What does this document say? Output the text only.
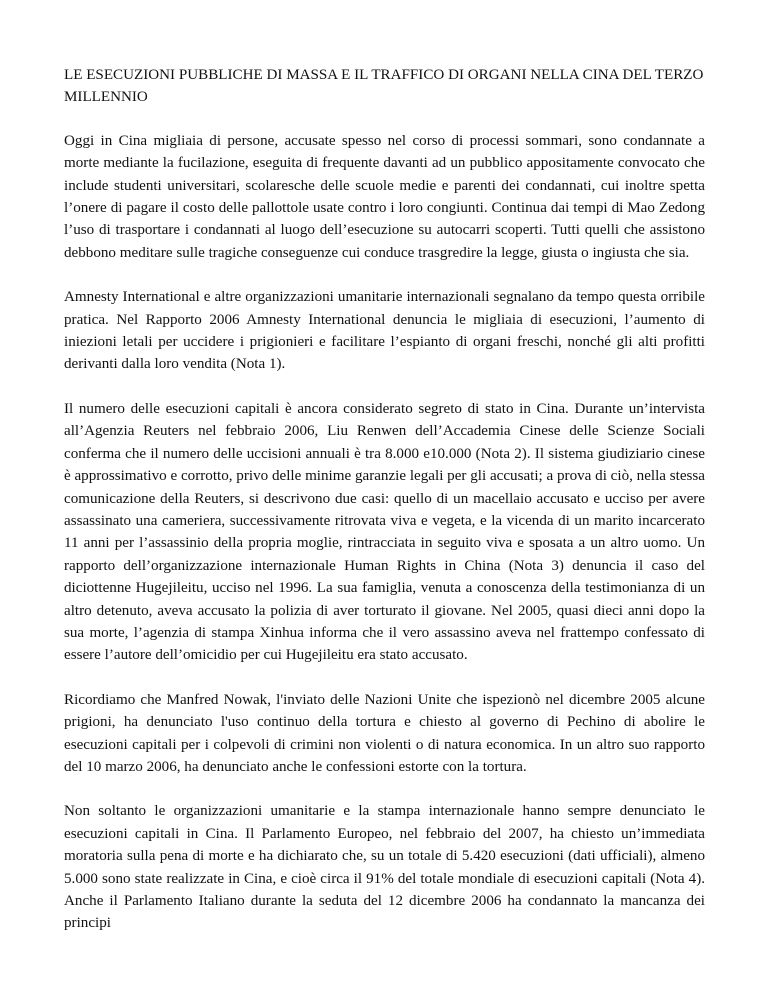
LE ESECUZIONI PUBBLICHE DI MASSA E IL TRAFFICO DI ORGANI NELLA CINA DEL TERZO MILLENNIO

Oggi in Cina migliaia di persone, accusate spesso nel corso di processi sommari, sono condannate a morte mediante la fucilazione, eseguita di frequente davanti ad un pubblico appositamente convocato che include studenti universitari, scolaresche delle scuole medie e parenti dei condannati, cui inoltre spetta l’onere di pagare il costo delle pallottole usate contro i loro congiunti. Continua dai tempi di Mao Zedong l’uso di trasportare i condannati al luogo dell’esecuzione su autocarri scoperti. Tutti quelli che assistono debbono meditare sulle tragiche conseguenze cui conduce trasgredire la legge, giusta o ingiusta che sia.

Amnesty International e altre organizzazioni umanitarie internazionali segnalano da tempo questa orribile pratica. Nel Rapporto 2006 Amnesty International denuncia le migliaia di esecuzioni, l’aumento di iniezioni letali per uccidere i prigionieri e facilitare l’espianto di organi freschi, nonché gli alti profitti derivanti dalla loro vendita (Nota 1).

Il numero delle esecuzioni capitali è ancora considerato segreto di stato in Cina. Durante un’intervista all’Agenzia Reuters nel febbraio 2006, Liu Renwen dell’Accademia Cinese delle Scienze Sociali conferma che il numero delle uccisioni annuali è tra 8.000 e10.000 (Nota 2). Il sistema giudiziario cinese è approssimativo e corrotto, privo delle minime garanzie legali per gli accusati; a prova di ciò, nella stessa comunicazione della Reuters, si descrivono due casi: quello di un macellaio accusato e ucciso per avere assassinato una cameriera, successivamente ritrovata viva e vegeta, e la vicenda di un marito incarcerato 11 anni per l’assassinio della propria moglie, rintracciata in seguito viva e sposata a un altro uomo. Un rapporto dell’organizzazione internazionale Human Rights in China (Nota 3) denuncia il caso del diciottenne Hugejileitu, ucciso nel 1996. La sua famiglia, venuta a conoscenza della testimonianza di un altro detenuto, aveva accusato la polizia di aver torturato il giovane. Nel 2005, quasi dieci anni dopo la sua morte, l’agenzia di stampa Xinhua informa che il vero assassino aveva nel frattempo confessato di essere l’autore dell’omicidio per cui Hugejileitu era stato accusato.

Ricordiamo che Manfred Nowak, l'inviato delle Nazioni Unite che ispezionò nel dicembre 2005 alcune prigioni, ha denunciato l'uso continuo della tortura e chiesto al governo di Pechino di abolire le esecuzioni capitali per i colpevoli di crimini non violenti o di natura economica. In un altro suo rapporto del 10 marzo 2006, ha denunciato anche le confessioni estorte con la tortura.

Non soltanto le organizzazioni umanitarie e la stampa internazionale hanno sempre denunciato le esecuzioni capitali in Cina. Il Parlamento Europeo, nel febbraio del 2007, ha chiesto un’immediata moratoria sulla pena di morte e ha dichiarato che, su un totale di 5.420 esecuzioni (dati ufficiali), almeno 5.000 sono state realizzate in Cina, e cioè circa il 91% del totale mondiale di esecuzioni capitali (Nota 4). Anche il Parlamento Italiano durante la seduta del 12 dicembre 2006 ha condannato la mancanza dei principi
